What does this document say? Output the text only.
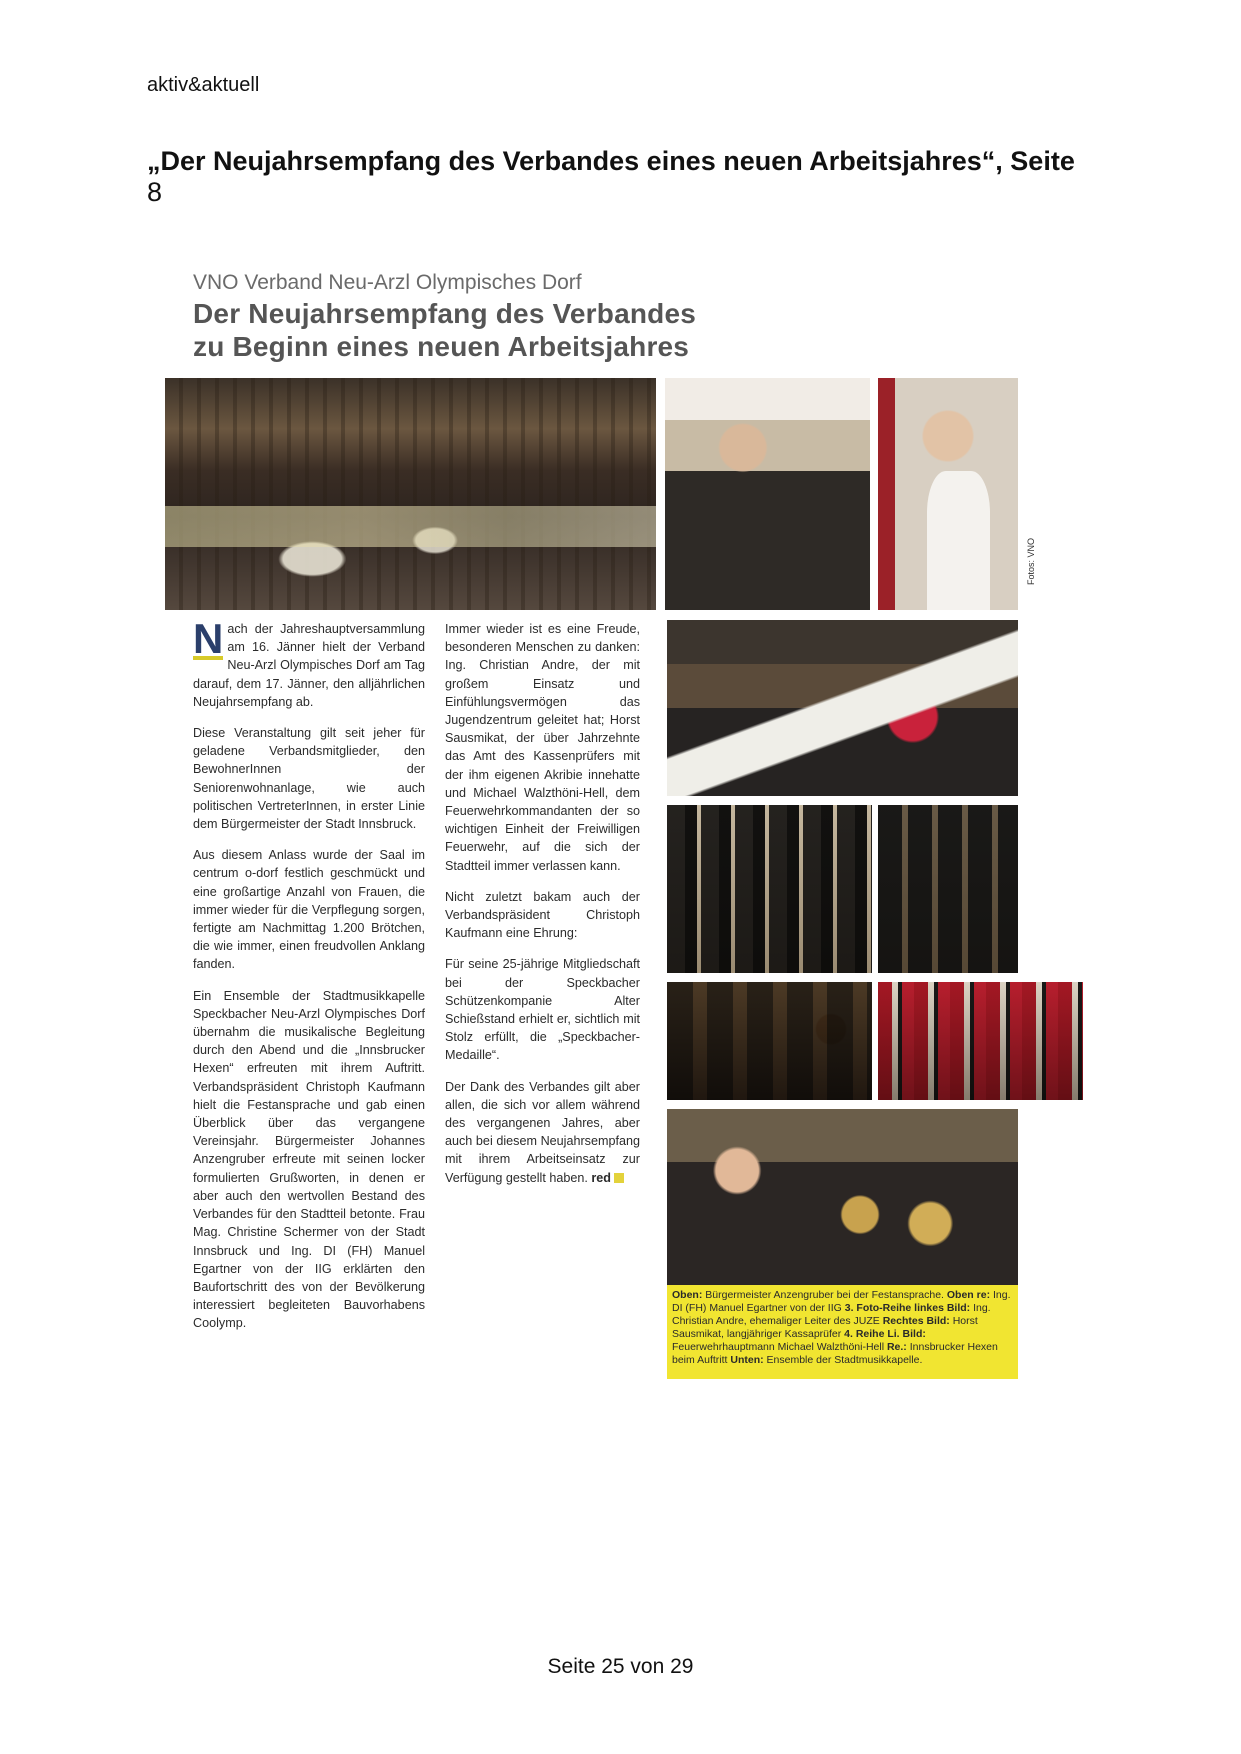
aktiv&aktuell
„Der Neujahrsempfang des Verbandes eines neuen Arbeitsjahres“, Seite
8
VNO Verband Neu-Arzl Olympisches Dorf
Der Neujahrsempfang des Verbandes
zu Beginn eines neuen Arbeitsjahres
Fotos: VNO
Oben: Bürgermeister Anzengruber bei der Festansprache. Oben re: Ing. DI (FH) Manuel Egartner von der IIG 3. Foto-Reihe linkes Bild: Ing. Christian Andre, ehemaliger Leiter des JUZE Rechtes Bild: Horst Sausmikat, langjähriger Kassaprüfer 4. Reihe Li. Bild: Feuerwehrhauptmann Michael Walzthöni-Hell Re.: Innsbrucker Hexen beim Auftritt Unten: Ensemble der Stadtmusikkapelle.

N ach der Jahreshauptversammlung am 16. Jänner hielt der Verband Neu-Arzl Olympisches Dorf am Tag darauf, dem 17. Jänner, den alljährlichen Neujahrsempfang ab.

Diese Veranstaltung gilt seit jeher für geladene Verbandsmitglieder, den BewohnerInnen der Seniorenwohnanlage, wie auch politischen VertreterInnen, in erster Linie dem Bürgermeister der Stadt Innsbruck.

Aus diesem Anlass wurde der Saal im centrum o-dorf festlich geschmückt und eine großartige Anzahl von Frauen, die immer wieder für die Verpflegung sorgen, fertigte am Nachmittag 1.200 Brötchen, die wie immer, einen freudvollen Anklang fanden.

Ein Ensemble der Stadtmusikkapelle Speckbacher Neu-Arzl Olympisches Dorf übernahm die musikalische Begleitung durch den Abend und die „Innsbrucker Hexen“ erfreuten mit ihrem Auftritt. Verbandspräsident Christoph Kaufmann hielt die Festansprache und gab einen Überblick über das vergangene Vereinsjahr. Bürgermeister Johannes Anzengruber erfreute mit seinen locker formulierten Grußworten, in denen er aber auch den wertvollen Bestand des Verbandes für den Stadtteil betonte. Frau Mag. Christine Schermer von der Stadt Innsbruck und Ing. DI (FH) Manuel Egartner von der IIG erklärten den Baufortschritt des von der Bevölkerung interessiert begleiteten Bauvorhabens Coolymp.

Immer wieder ist es eine Freude, besonderen Menschen zu danken: Ing. Christian Andre, der mit großem Einsatz und Einfühlungsvermögen das Jugendzentrum geleitet hat; Horst Sausmikat, der über Jahrzehnte das Amt des Kassenprüfers mit der ihm eigenen Akribie innehatte und Michael Walzthöni-Hell, dem Feuerwehrkommandanten der so wichtigen Einheit der Freiwilligen Feuerwehr, auf die sich der Stadtteil immer verlassen kann.

Nicht zuletzt bakam auch der Verbandspräsident Christoph Kaufmann eine Ehrung:

Für seine 25-jährige Mitgliedschaft bei der Speckbacher Schützenkompanie Alter Schießstand erhielt er, sichtlich mit Stolz erfüllt, die „Speckbacher-Medaille“.

Der Dank des Verbandes gilt aber allen, die sich vor allem während des vergangenen Jahres, aber auch bei diesem Neujahrsempfang mit ihrem Arbeitseinsatz zur Verfügung gestellt haben. red

Seite 25 von 29
